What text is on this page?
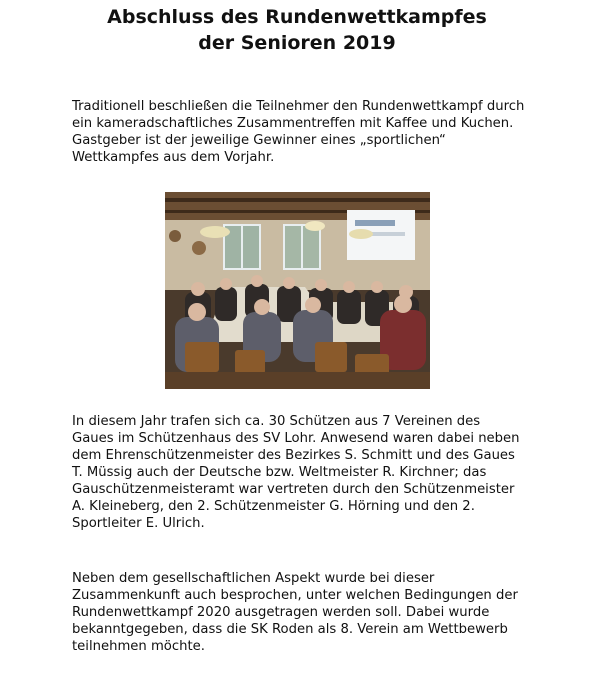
Abschluss des Rundenwettkampfes
der Senioren 2019
Traditionell beschließen die Teilnehmer den Rundenwettkampf durch
ein kameradschaftliches Zusammentreffen mit Kaffee und Kuchen.
Gastgeber ist der jeweilige Gewinner eines „sportlichen“
Wettkampfes aus dem Vorjahr.
In diesem Jahr trafen sich ca. 30 Schützen aus 7 Vereinen des
Gaues im Schützenhaus des SV Lohr. Anwesend waren dabei neben
dem Ehrenschützenmeister des Bezirkes S. Schmitt und des Gaues
T. Müssig auch der Deutsche bzw. Weltmeister R. Kirchner; das
Gauschützenmeisteramt war vertreten durch den Schützenmeister
A. Kleineberg, den 2. Schützenmeister G. Hörning und den 2.
Sportleiter E. Ulrich.
Neben dem gesellschaftlichen Aspekt wurde bei dieser
Zusammenkunft auch besprochen, unter welchen Bedingungen der
Rundenwettkampf 2020 ausgetragen werden soll. Dabei wurde
bekanntgegeben, dass die SK Roden als 8. Verein am Wettbewerb
teilnehmen möchte.
